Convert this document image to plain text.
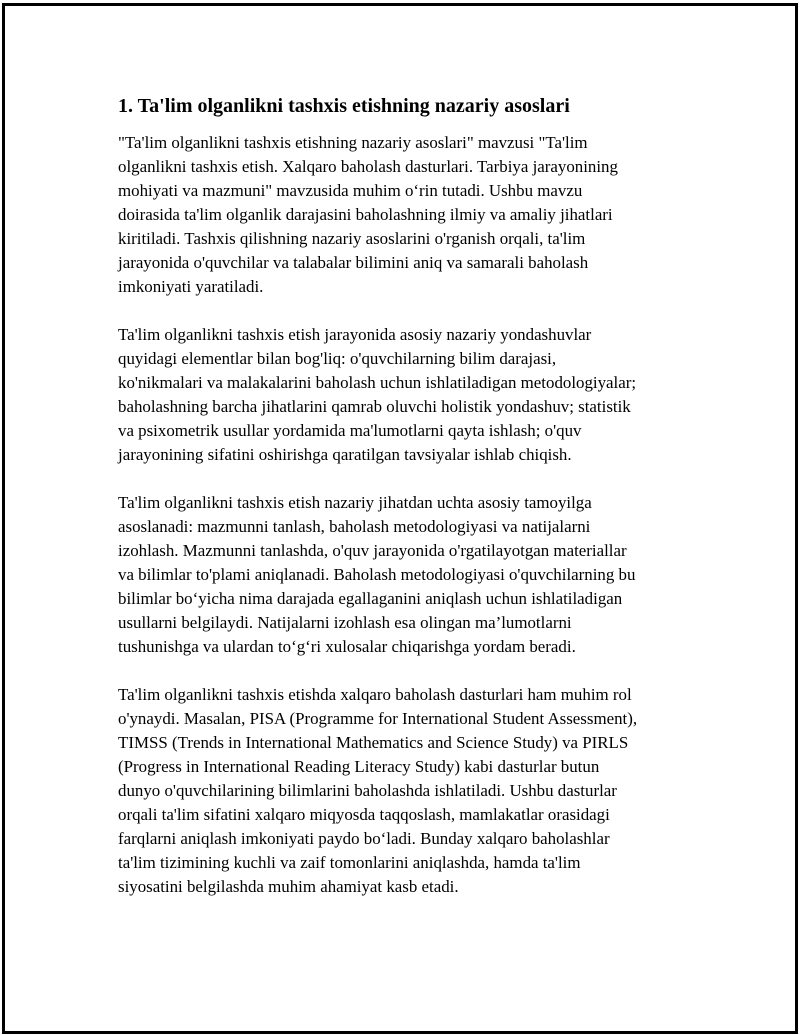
1. Ta'lim olganlikni tashxis etishning nazariy asoslari

"Ta'lim olganlikni tashxis etishning nazariy asoslari" mavzusi "Ta'lim
olganlikni tashxis etish. Xalqaro baholash dasturlari. Tarbiya jarayonining
mohiyati va mazmuni" mavzusida muhim o‘rin tutadi. Ushbu mavzu
doirasida ta'lim olganlik darajasini baholashning ilmiy va amaliy jihatlari
kiritiladi. Tashxis qilishning nazariy asoslarini o'rganish orqali, ta'lim
jarayonida o'quvchilar va talabalar bilimini aniq va samarali baholash
imkoniyati yaratiladi.

Ta'lim olganlikni tashxis etish jarayonida asosiy nazariy yondashuvlar
quyidagi elementlar bilan bog'liq: o'quvchilarning bilim darajasi,
ko'nikmalari va malakalarini baholash uchun ishlatiladigan metodologiyalar;
baholashning barcha jihatlarini qamrab oluvchi holistik yondashuv; statistik
va psixometrik usullar yordamida ma'lumotlarni qayta ishlash; o'quv
jarayonining sifatini oshirishga qaratilgan tavsiyalar ishlab chiqish.

Ta'lim olganlikni tashxis etish nazariy jihatdan uchta asosiy tamoyilga
asoslanadi: mazmunni tanlash, baholash metodologiyasi va natijalarni
izohlash. Mazmunni tanlashda, o'quv jarayonida o'rgatilayotgan materiallar
va bilimlar to'plami aniqlanadi. Baholash metodologiyasi o'quvchilarning bu
bilimlar bo‘yicha nima darajada egallaganini aniqlash uchun ishlatiladigan
usullarni belgilaydi. Natijalarni izohlash esa olingan ma’lumotlarni
tushunishga va ulardan to‘g‘ri xulosalar chiqarishga yordam beradi.

Ta'lim olganlikni tashxis etishda xalqaro baholash dasturlari ham muhim rol
o'ynaydi. Masalan, PISA (Programme for International Student Assessment),
TIMSS (Trends in International Mathematics and Science Study) va PIRLS
(Progress in International Reading Literacy Study) kabi dasturlar butun
dunyo o'quvchilarining bilimlarini baholashda ishlatiladi. Ushbu dasturlar
orqali ta'lim sifatini xalqaro miqyosda taqqoslash, mamlakatlar orasidagi
farqlarni aniqlash imkoniyati paydo bo‘ladi. Bunday xalqaro baholashlar
ta'lim tizimining kuchli va zaif tomonlarini aniqlashda, hamda ta'lim
siyosatini belgilashda muhim ahamiyat kasb etadi.
